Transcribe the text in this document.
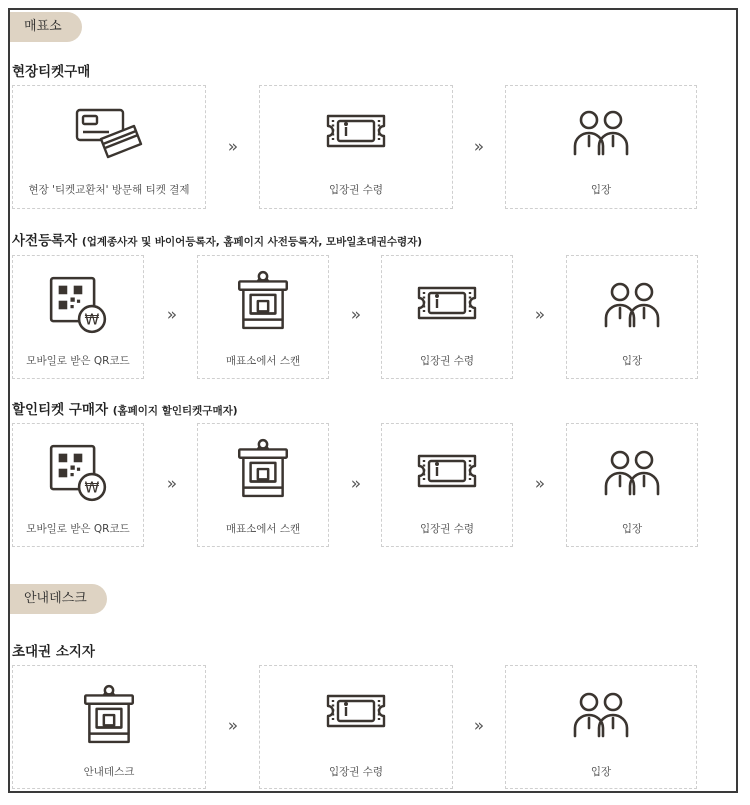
매표소
현장티켓구매
현장 '티켓교환처' 방문해 티켓 결제
»
입장권 수령
»
입장
사전등록자 (업계종사자 및 바이어등록자, 홈페이지 사전등록자, 모바일초대권수령자)
모바일로 받은 QR코드
»
매표소에서 스캔
»
입장권 수령
»
입장
할인티켓 구매자 (홈페이지 할인티켓구매자)
모바일로 받은 QR코드
»
매표소에서 스캔
»
입장권 수령
»
입장
안내데스크
초대권 소지자
안내데스크
»
입장권 수령
»
입장
